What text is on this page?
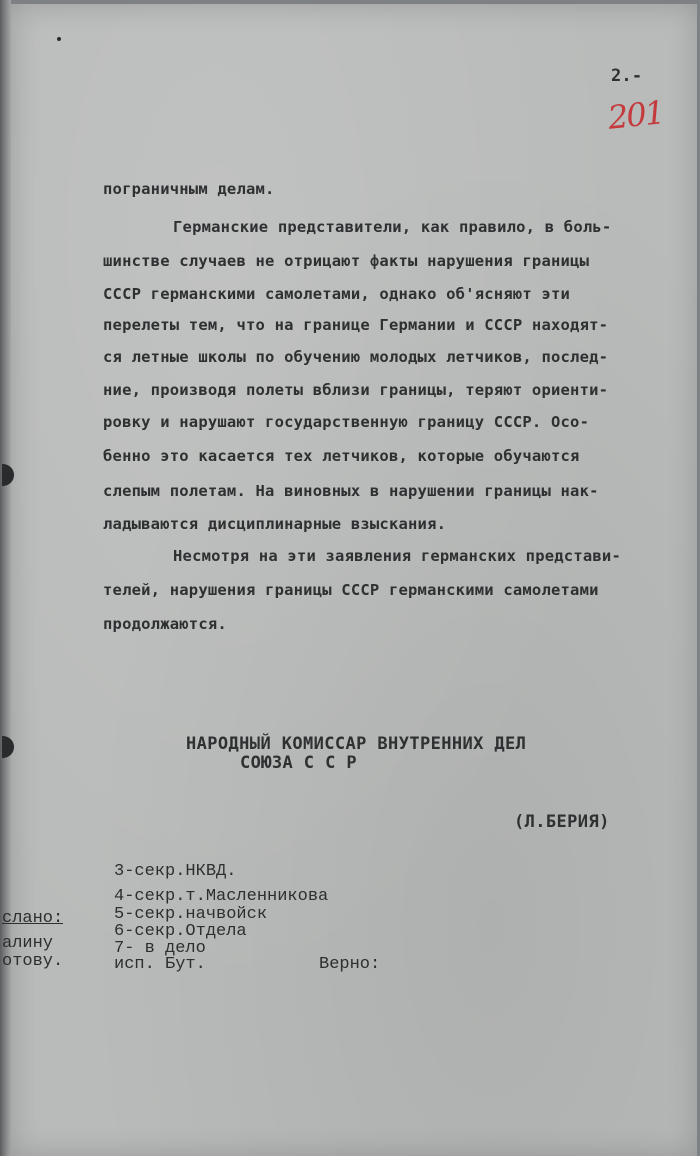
2.-
201
пограничным делам.
Германские представители, как правило, в боль-
шинстве случаев не отрицают факты нарушения границы
СССР германскими самолетами, однако об'ясняют эти
перелеты тем, что на границе Германии и СССР находят-
ся летные школы по обучению молодых летчиков, послед-
ние, производя полеты вблизи границы, теряют ориенти-
ровку и нарушают государственную границу СССР. Осо-
бенно это касается тех летчиков, которые обучаются
слепым полетам. На виновных в нарушении границы нак-
ладываются дисциплинарные взыскания.
Несмотря на эти заявления германских представи-
телей, нарушения границы СССР германскими самолетами
продолжаются.
НАРОДНЫЙ КОМИССАР ВНУТРЕННИХ ДЕЛ
СОЮЗА С С Р
(Л.БЕРИЯ)
3-секр.НКВД.
4-секр.т.Масленникова
5-секр.начвойск
6-секр.Отдела
7- в дело
исп. Бут.	Верно:
слано:
алину
отову.
